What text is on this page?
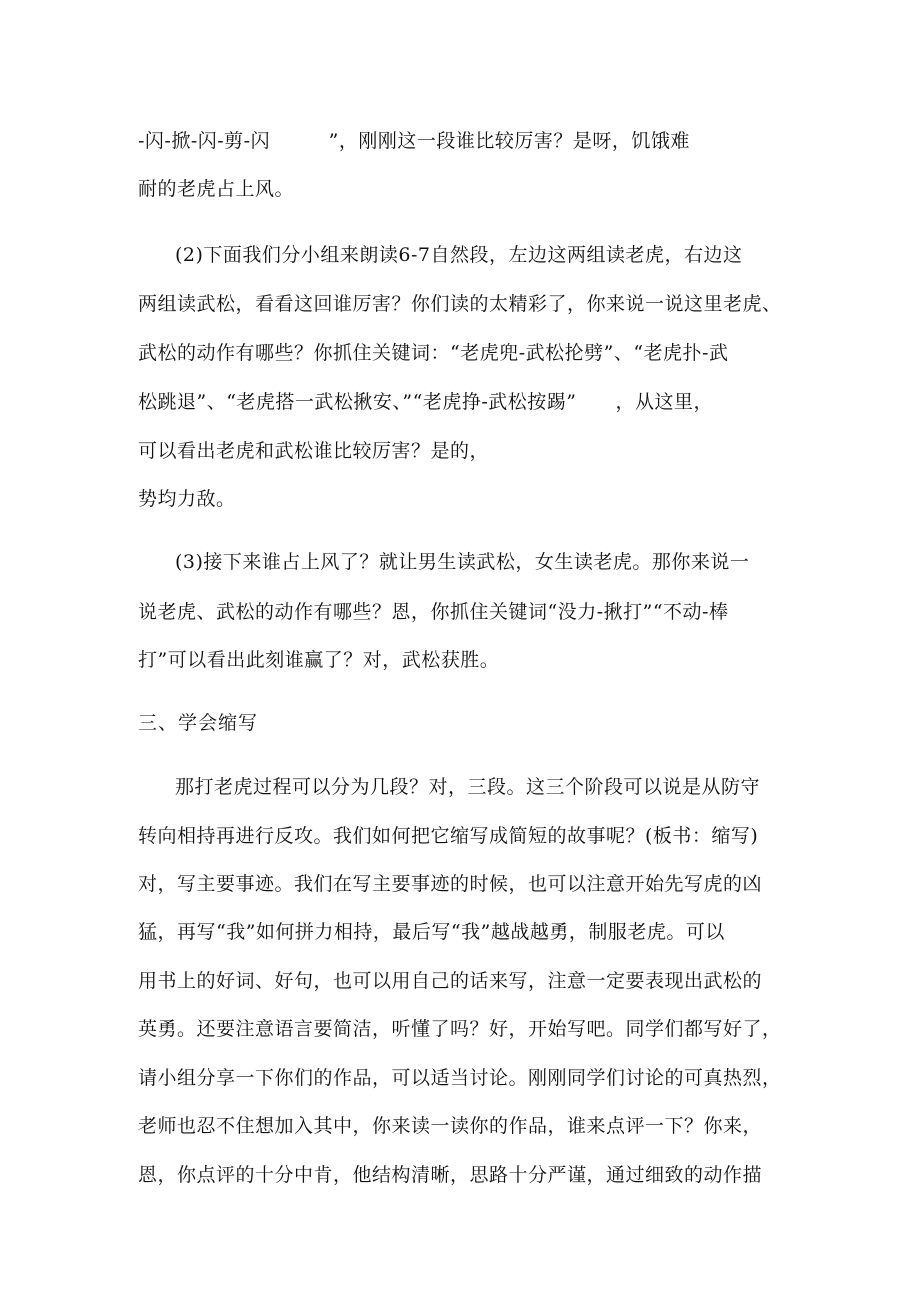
-闪-掀-闪-剪-闪　　　”，刚刚这一段谁比较厉害？是呀，饥饿难
耐的老虎占上风。
(2)下面我们分小组来朗读6-7自然段，左边这两组读老虎，右边这
两组读武松，看看这回谁厉害？你们读的太精彩了，你来说一说这里老虎、
武松的动作有哪些？你抓住关键词：“老虎兜-武松抡劈”、“老虎扑-武
松跳退”、“老虎搭一武松揪安、”“老虎挣-武松按踢”　　，从这里，
可以看出老虎和武松谁比较厉害？是的，
势均力敌。
(3)接下来谁占上风了？就让男生读武松，女生读老虎。那你来说一
说老虎、武松的动作有哪些？恩，你抓住关键词“没力-揪打”“不动-棒
打”可以看出此刻谁赢了？对，武松获胜。
三、学会缩写
那打老虎过程可以分为几段？对，三段。这三个阶段可以说是从防守
转向相持再进行反攻。我们如何把它缩写成简短的故事呢？(板书：缩写)
对，写主要事迹。我们在写主要事迹的时候，也可以注意开始先写虎的凶
猛，再写“我”如何拼力相持，最后写“我”越战越勇，制服老虎。可以
用书上的好词、好句，也可以用自己的话来写，注意一定要表现出武松的
英勇。还要注意语言要简洁，听懂了吗？好，开始写吧。同学们都写好了，
请小组分享一下你们的作品，可以适当讨论。刚刚同学们讨论的可真热烈，
老师也忍不住想加入其中，你来读一读你的作品，谁来点评一下？你来，
恩，你点评的十分中肯，他结构清晰，思路十分严谨，通过细致的动作描
